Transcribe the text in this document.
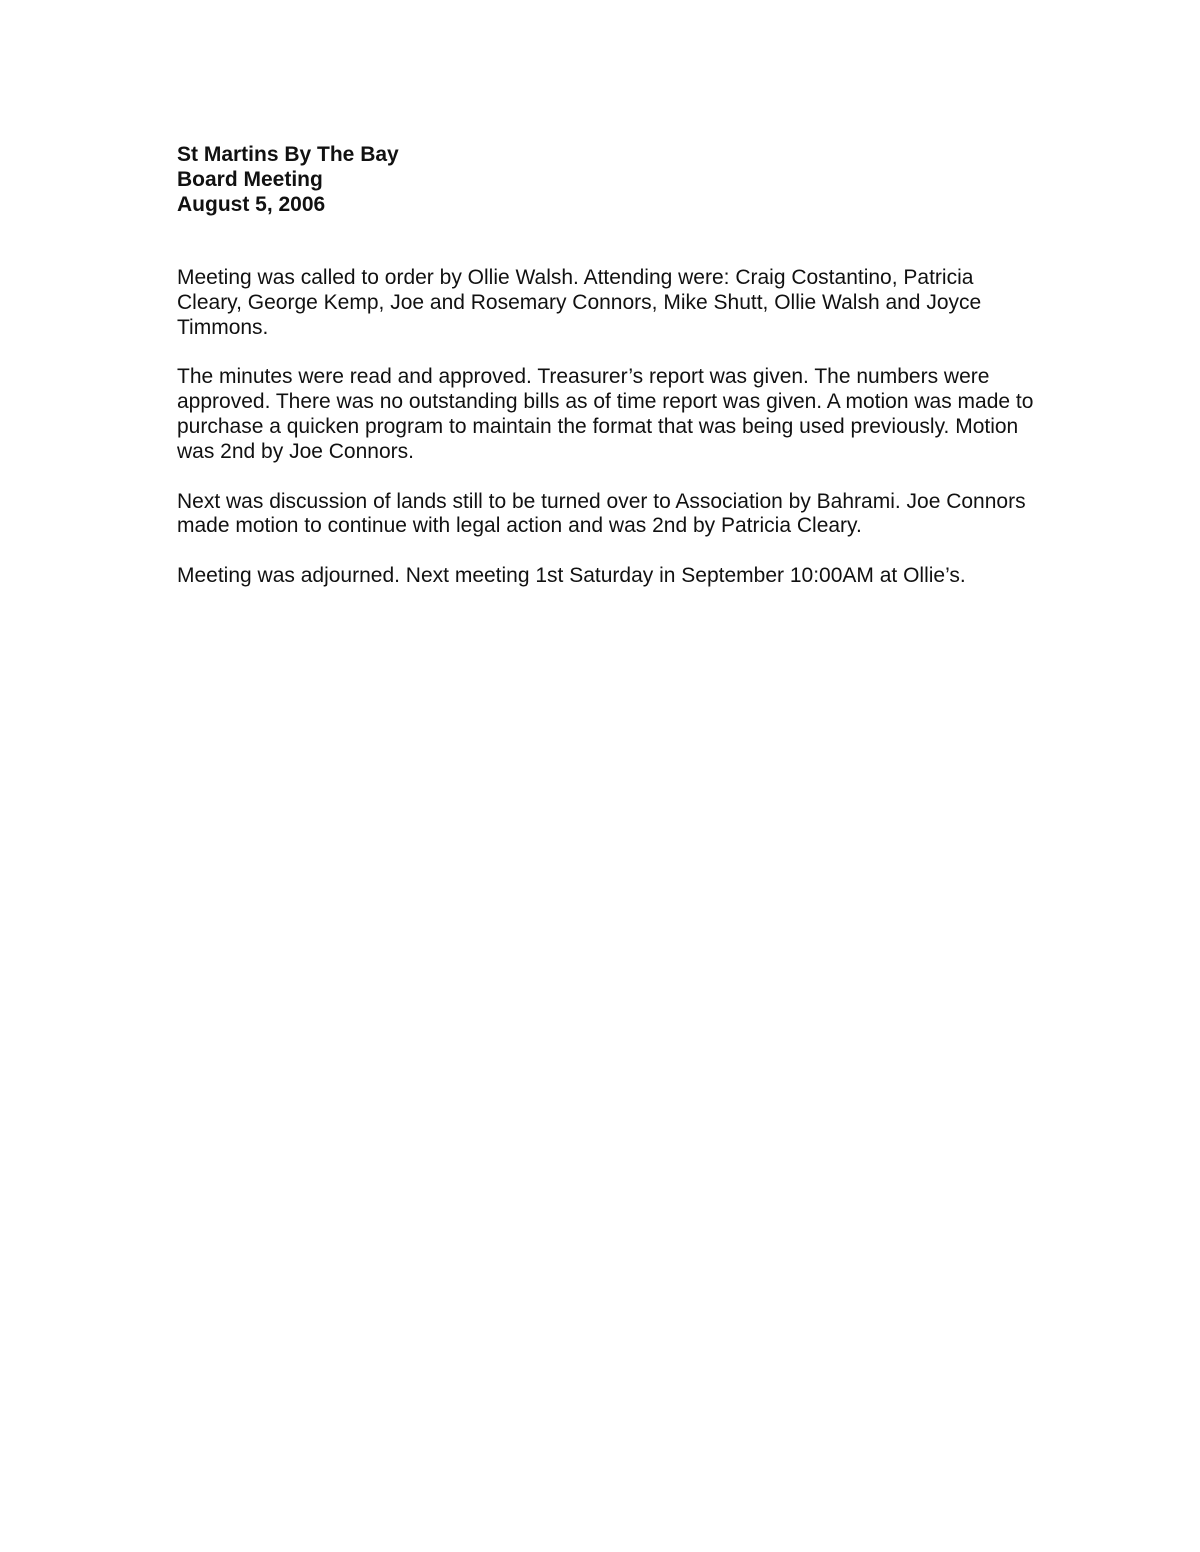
St Martins By The Bay

Board Meeting

August 5, 2006

Meeting was called to order by Ollie Walsh. Attending were: Craig Costantino, Patricia Cleary, George Kemp, Joe and Rosemary Connors, Mike Shutt, Ollie Walsh and Joyce Timmons.

The minutes were read and approved. Treasurer’s report was given. The numbers were approved. There was no outstanding bills as of time report was given. A motion was made to purchase a quicken program to maintain the format that was being used previously. Motion was 2nd by Joe Connors.

Next was discussion of lands still to be turned over to Association by Bahrami. Joe Connors made motion to continue with legal action and was 2nd by Patricia Cleary.

Meeting was adjourned. Next meeting 1st Saturday in September 10:00AM at Ollie’s.
